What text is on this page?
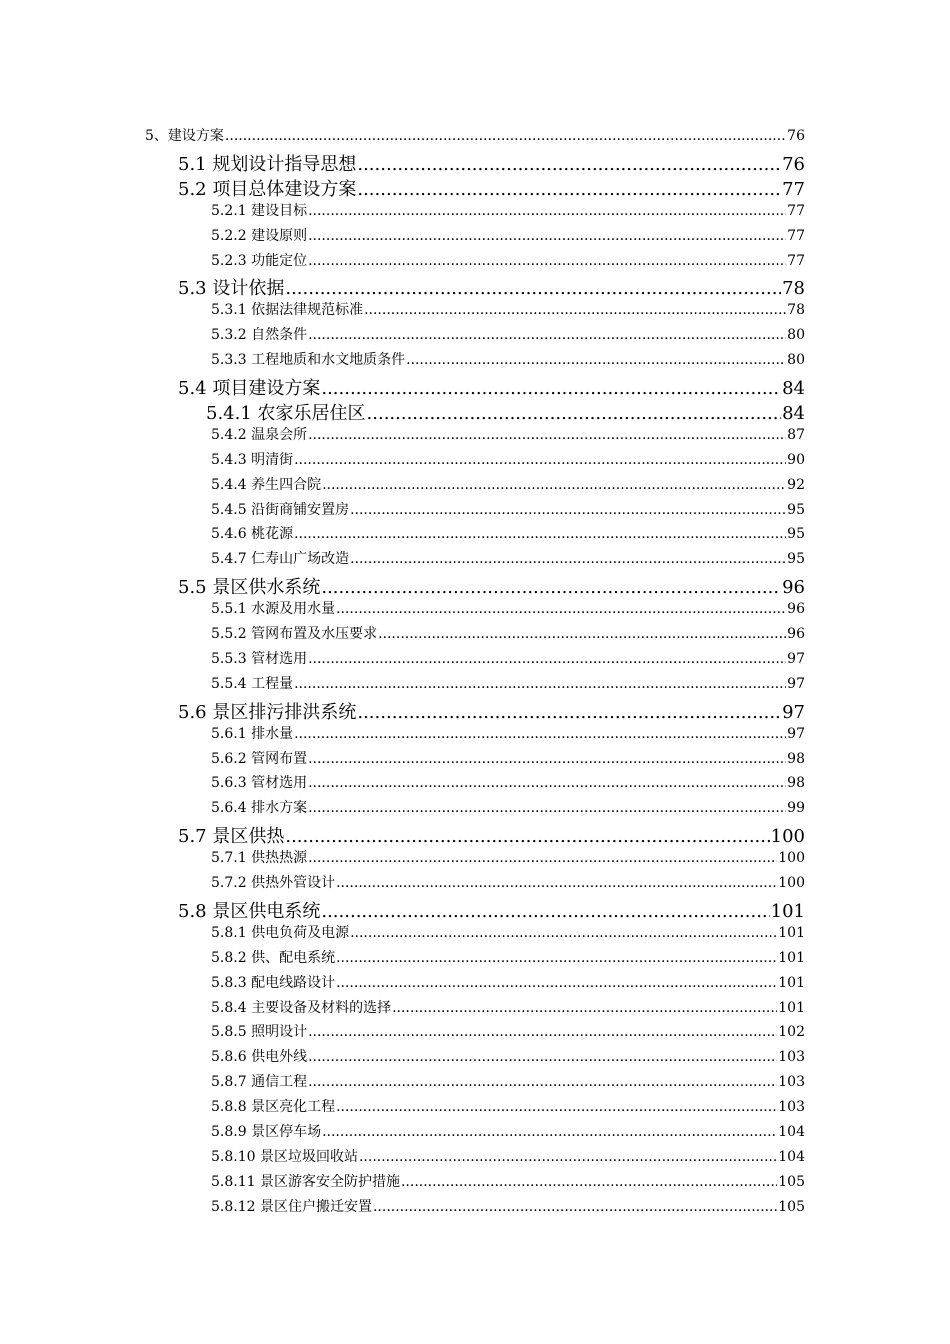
5、建设方案 .....	76
5.1 规划设计指导思想 .....	76
5.2 项目总体建设方案 .....	77
5.2.1 建设目标 .....	77
5.2.2 建设原则 .....	77
5.2.3 功能定位 .....	77
5.3 设计依据 .....	78
5.3.1 依据法律规范标准 .....	78
5.3.2 自然条件 .....	80
5.3.3 工程地质和水文地质条件 .....	80
5.4 项目建设方案 .....	84
5.4.1 农家乐居住区 .....	84
5.4.2 温泉会所 .....	87
5.4.3 明清街 .....	90
5.4.4 养生四合院 .....	92
5.4.5 沿街商铺安置房 .....	95
5.4.6 桃花源 .....	95
5.4.7 仁寿山广场改造 .....	95
5.5 景区供水系统 .....	96
5.5.1 水源及用水量 .....	96
5.5.2 管网布置及水压要求 .....	96
5.5.3 管材选用 .....	97
5.5.4 工程量 .....	97
5.6 景区排污排洪系统 .....	97
5.6.1 排水量 .....	97
5.6.2 管网布置 .....	98
5.6.3 管材选用 .....	98
5.6.4 排水方案 .....	99
5.7 景区供热 .....	100
5.7.1 供热热源 .....	100
5.7.2 供热外管设计 .....	100
5.8 景区供电系统 .....	101
5.8.1 供电负荷及电源 .....	101
5.8.2 供、配电系统 .....	101
5.8.3 配电线路设计 .....	101
5.8.4 主要设备及材料的选择 .....	101
5.8.5 照明设计 .....	102
5.8.6 供电外线 .....	103
5.8.7 通信工程 .....	103
5.8.8 景区亮化工程 .....	103
5.8.9 景区停车场 .....	104
5.8.10 景区垃圾回收站 .....	104
5.8.11 景区游客安全防护措施 .....	105
5.8.12 景区住户搬迁安置 .....	105
